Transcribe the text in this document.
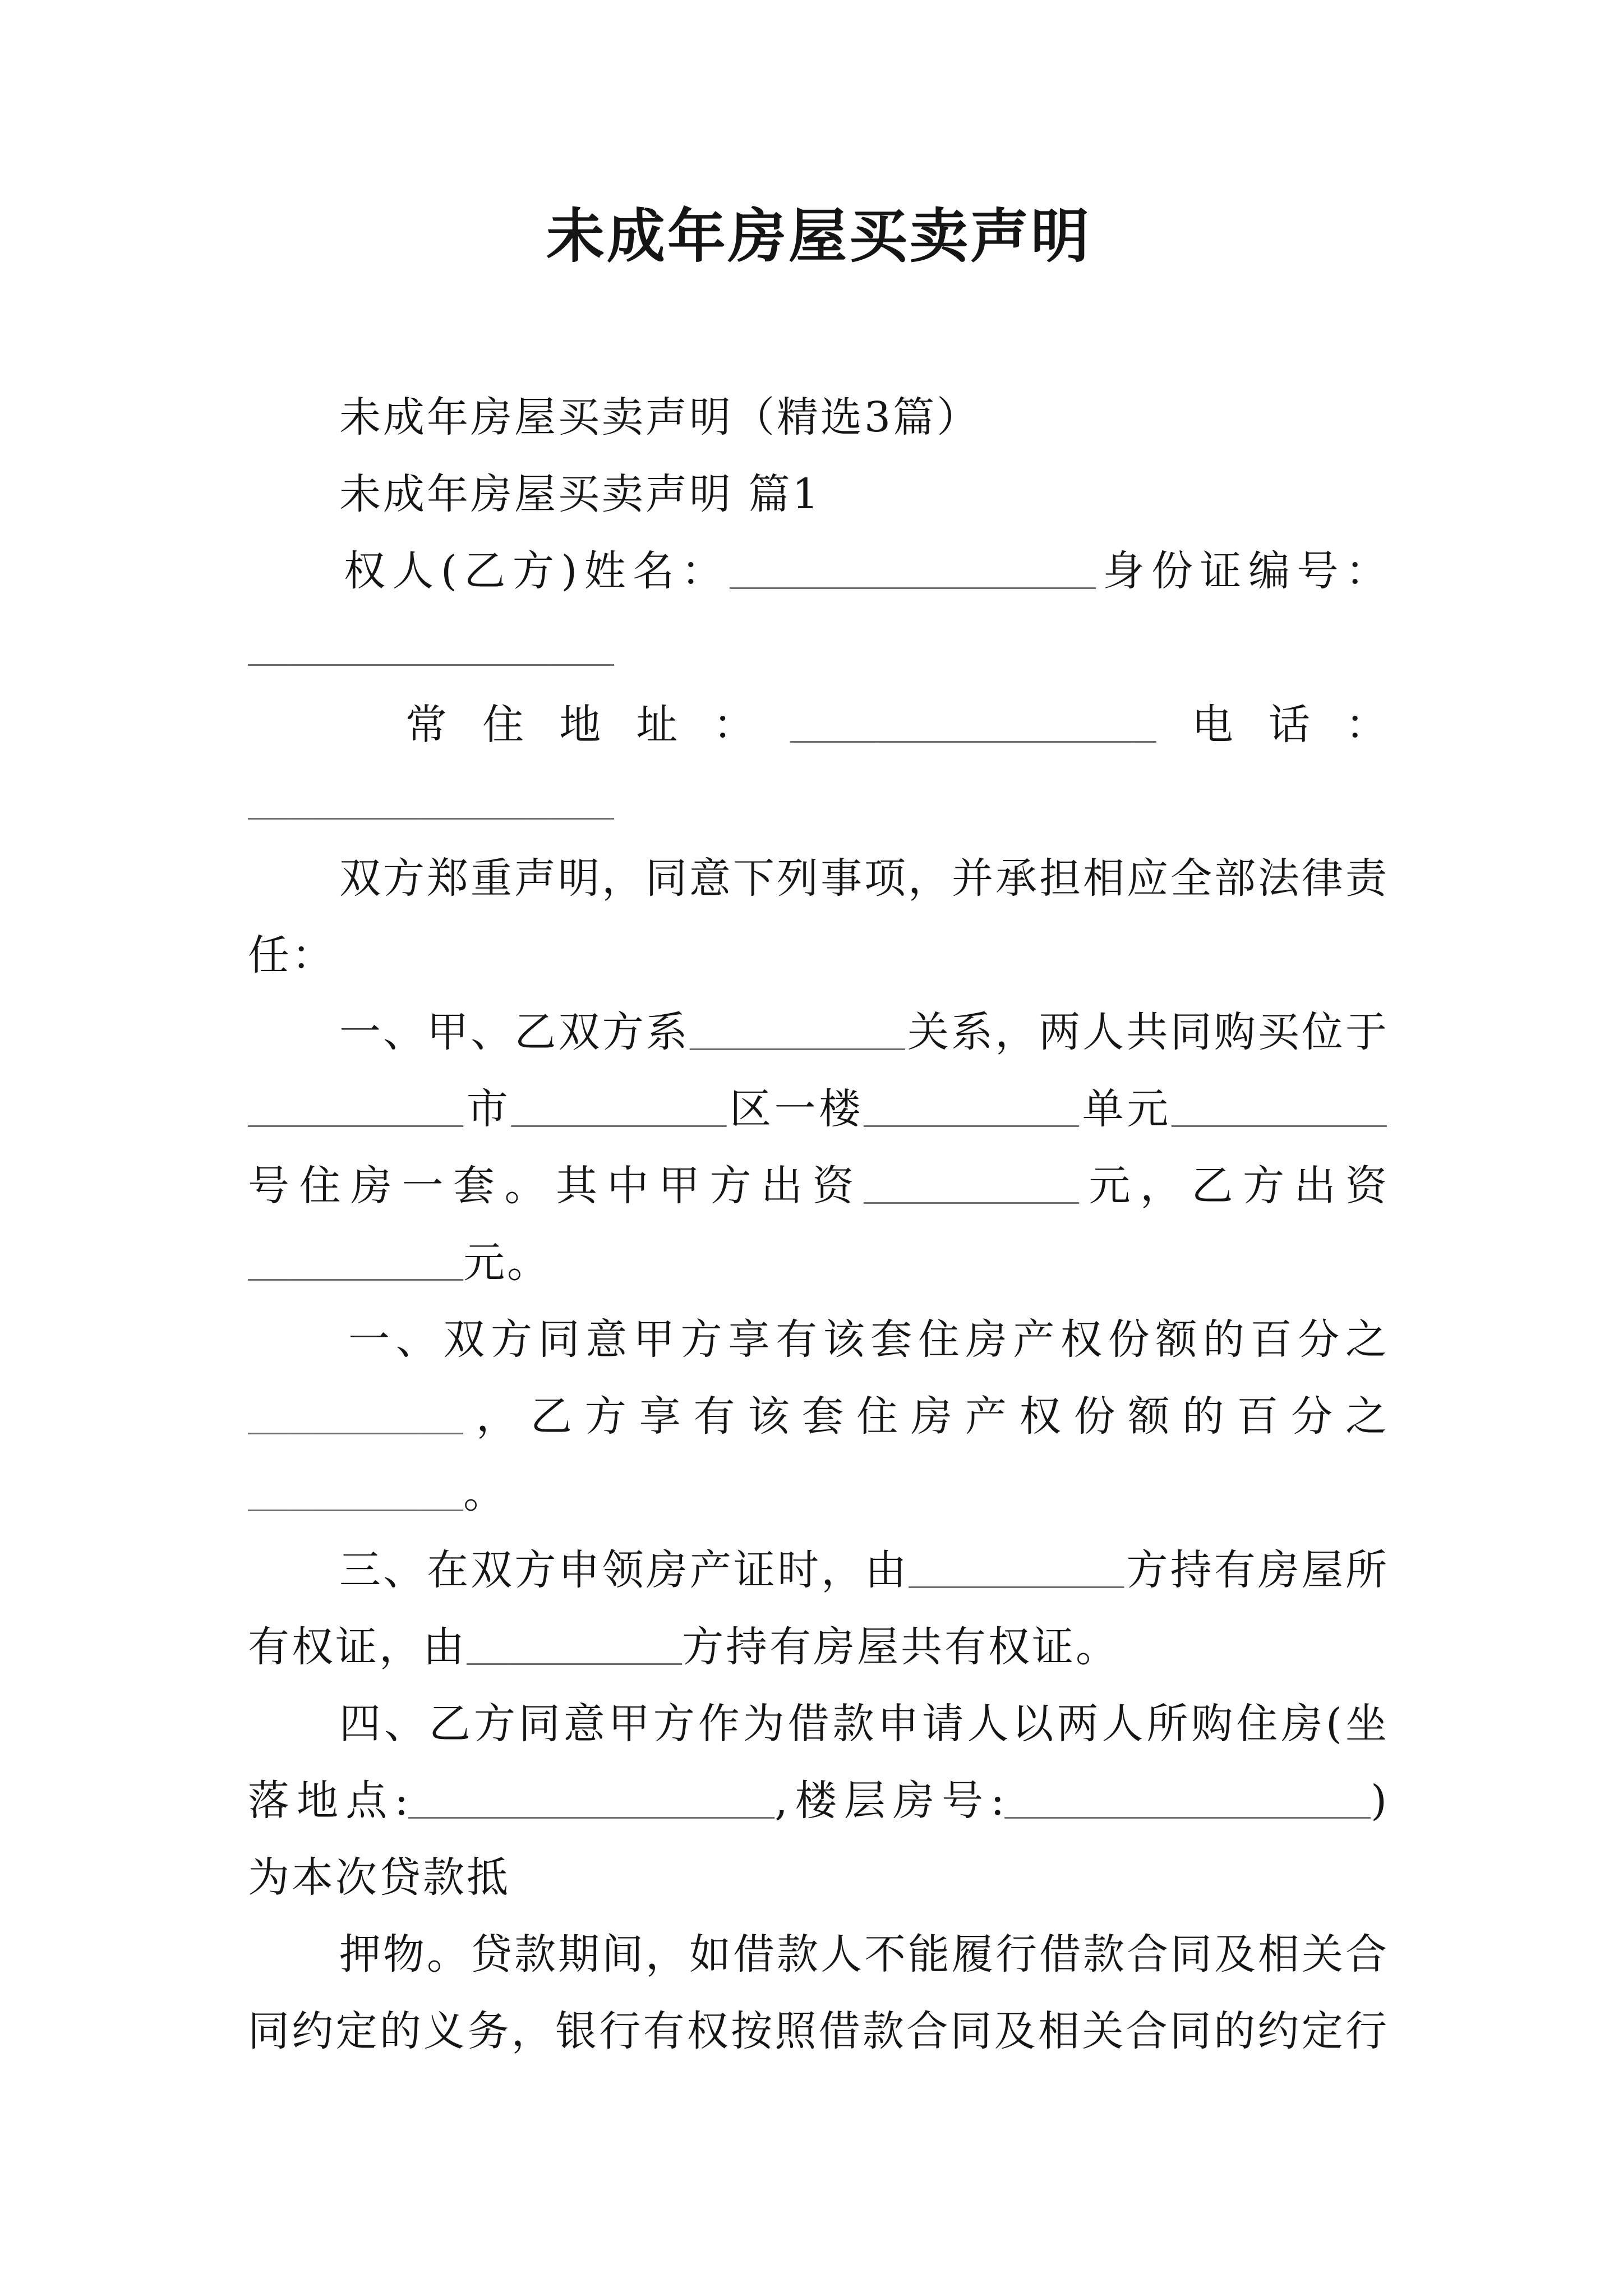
未成年房屋买卖声明
未成年房屋买卖声明（精选3篇）
未成年房屋买卖声明 篇1
权人(乙方)姓名：_________________身份证编号：
_________________
常住地址：_________________电话：
_________________
双方郑重声明，同意下列事项，并承担相应全部法律责
任：
一、甲、乙双方系__________关系，两人共同购买位于
__________市__________区一楼__________单元__________
号住房一套。其中甲方出资__________元，乙方出资
__________元。
一、双方同意甲方享有该套住房产权份额的百分之
__________，乙方享有该套住房产权份额的百分之
__________。
三、在双方申领房产证时，由__________方持有房屋所
有权证，由__________方持有房屋共有权证。
四、乙方同意甲方作为借款申请人以两人所购住房(坐
落地点:_________________,楼层房号:_________________)
为本次贷款抵
押物。贷款期间，如借款人不能履行借款合同及相关合
同约定的义务，银行有权按照借款合同及相关合同的约定行
